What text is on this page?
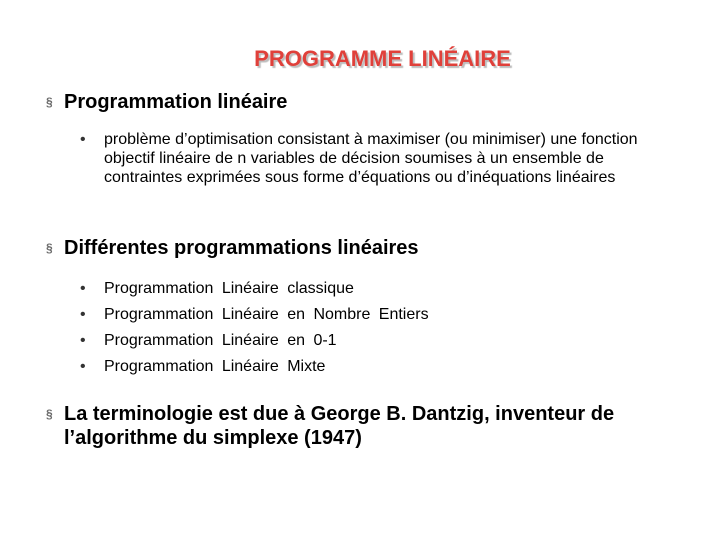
PROGRAMME LINÉAIRE
§ Programmation linéaire
•	problème d’optimisation consistant à maximiser (ou minimiser) une fonction objectif linéaire de n variables de décision soumises à un ensemble de contraintes exprimées sous forme d’équations ou d’inéquations linéaires
§ Différentes programmations linéaires
•	Programmation Linéaire classique
•	Programmation Linéaire en Nombre Entiers
•	Programmation Linéaire en 0-1
•	Programmation Linéaire Mixte
§ La terminologie est due à George B. Dantzig, inventeur de l’algorithme du simplexe (1947)
